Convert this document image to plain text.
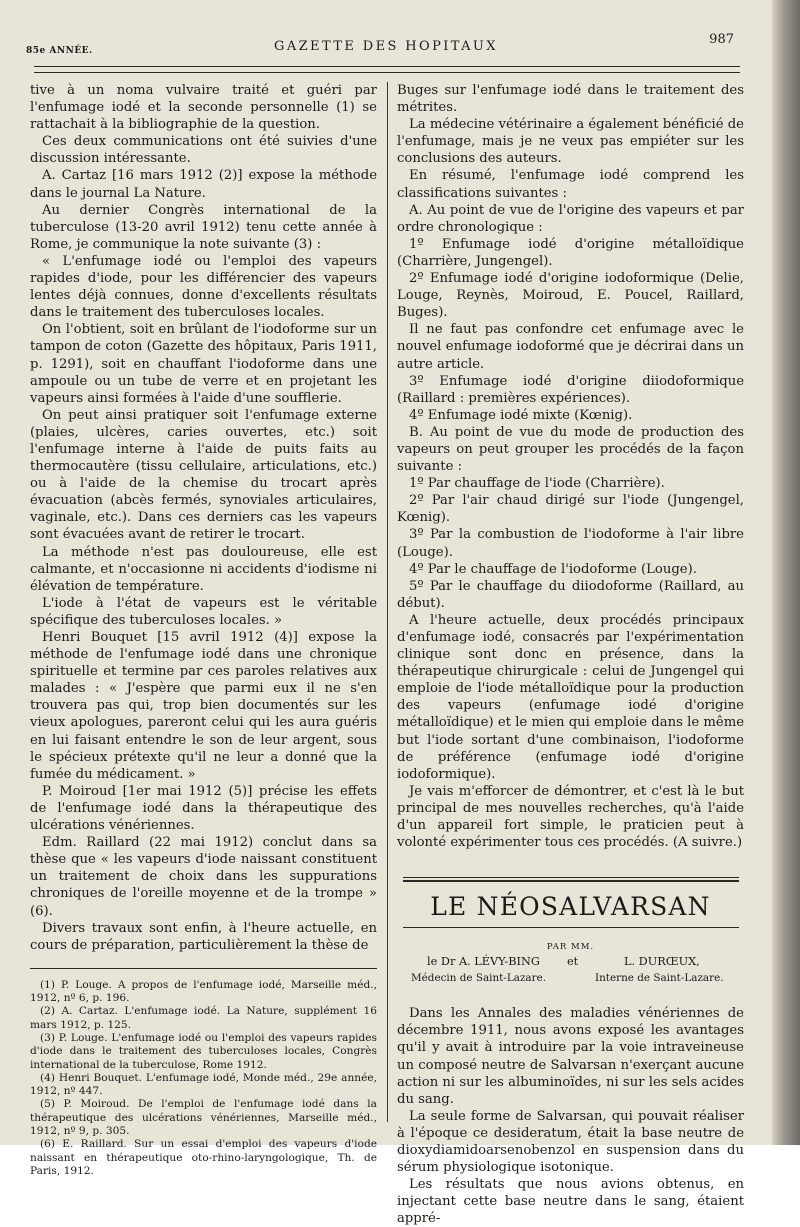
85e ANNÉE.	GAZETTE DES HOPITAUX	987

tive à un noma vulvaire traité et guéri par l'enfumage iodé et la seconde personnelle (1) se rattachait à la bibliographie de la question.

Ces deux communications ont été suivies d'une discussion intéressante.

A. Cartaz [16 mars 1912 (2)] expose la méthode dans le journal La Nature.

Au dernier Congrès international de la tuberculose (13-20 avril 1912) tenu cette année à Rome, je communique la note suivante (3) :

« L'enfumage iodé ou l'emploi des vapeurs rapides d'iode, pour les différencier des vapeurs lentes déjà connues, donne d'excellents résultats dans le traitement des tuberculoses locales.

On l'obtient, soit en brûlant de l'iodoforme sur un tampon de coton (Gazette des hôpitaux, Paris 1911, p. 1291), soit en chauffant l'iodoforme dans une ampoule ou un tube de verre et en projetant les vapeurs ainsi formées à l'aide d'une soufflerie.

On peut ainsi pratiquer soit l'enfumage externe (plaies, ulcères, caries ouvertes, etc.) soit l'enfumage interne à l'aide de puits faits au thermocautère (tissu cellulaire, articulations, etc.) ou à l'aide de la chemise du trocart après évacuation (abcès fermés, synoviales articulaires, vaginale, etc.). Dans ces derniers cas les vapeurs sont évacuées avant de retirer le trocart.

La méthode n'est pas douloureuse, elle est calmante, et n'occasionne ni accidents d'iodisme ni élévation de température.

L'iode à l'état de vapeurs est le véritable spécifique des tuberculoses locales. »

Henri Bouquet [15 avril 1912 (4)] expose la méthode de l'enfumage iodé dans une chronique spirituelle et termine par ces paroles relatives aux malades : « J'espère que parmi eux il ne s'en trouvera pas qui, trop bien documentés sur les vieux apologues, pareront celui qui les aura guéris en lui faisant entendre le son de leur argent, sous le spécieux prétexte qu'il ne leur a donné que la fumée du médicament. »

P. Moiroud [1er mai 1912 (5)] précise les effets de l'enfumage iodé dans la thérapeutique des ulcérations vénériennes.

Edm. Raillard (22 mai 1912) conclut dans sa thèse que « les vapeurs d'iode naissant constituent un traitement de choix dans les suppurations chroniques de l'oreille moyenne et de la trompe » (6).

Divers travaux sont enfin, à l'heure actuelle, en cours de préparation, particulièrement la thèse de

(1) P. Louge. A propos de l'enfumage iodé, Marseille méd., 1912, nº 6, p. 196.

(2) A. Cartaz. L'enfumage iodé. La Nature, supplément 16 mars 1912, p. 125.

(3) P. Louge. L'enfumage iodé ou l'emploi des vapeurs rapides d'iode dans le traitement des tuberculoses locales, Congrès international de la tuberculose, Rome 1912.

(4) Henri Bouquet. L'enfumage iodé, Monde méd., 29e année, 1912, nº 447.

(5) P. Moiroud. De l'emploi de l'enfumage iodé dans la thérapeutique des ulcérations vénériennes, Marseille méd., 1912, nº 9, p. 305.

(6) E. Raillard. Sur un essai d'emploi des vapeurs d'iode naissant en thérapeutique oto-rhino-laryngologique, Th. de Paris, 1912.

Buges sur l'enfumage iodé dans le traitement des métrites.

La médecine vétérinaire a également bénéficié de l'enfumage, mais je ne veux pas empiéter sur les conclusions des auteurs.

En résumé, l'enfumage iodé comprend les classifications suivantes :

A. Au point de vue de l'origine des vapeurs et par ordre chronologique :

1º Enfumage iodé d'origine métalloïdique (Charrière, Jungengel).

2º Enfumage iodé d'origine iodoformique (Delie, Louge, Reynès, Moiroud, E. Poucel, Raillard, Buges).

Il ne faut pas confondre cet enfumage avec le nouvel enfumage iodoformé que je décrirai dans un autre article.

3º Enfumage iodé d'origine diiodoformique (Raillard : premières expériences).

4º Enfumage iodé mixte (Kœnig).

B. Au point de vue du mode de production des vapeurs on peut grouper les procédés de la façon suivante :

1º Par chauffage de l'iode (Charrière).

2º Par l'air chaud dirigé sur l'iode (Jungengel, Kœnig).

3º Par la combustion de l'iodoforme à l'air libre (Louge).

4º Par le chauffage de l'iodoforme (Louge).

5º Par le chauffage du diiodoforme (Raillard, au début).

A l'heure actuelle, deux procédés principaux d'enfumage iodé, consacrés par l'expérimentation clinique sont donc en présence, dans la thérapeutique chirurgicale : celui de Jungengel qui emploie de l'iode métalloïdique pour la production des vapeurs (enfumage iodé d'origine métalloïdique) et le mien qui emploie dans le même but l'iode sortant d'une combinaison, l'iodoforme de préférence (enfumage iodé d'origine iodoformique).

Je vais m'efforcer de démontrer, et c'est là le but principal de mes nouvelles recherches, qu'à l'aide d'un appareil fort simple, le praticien peut à volonté expérimenter tous ces procédés. (A suivre.)

LE NÉOSALVARSAN
PAR MM.
le Dr A. LÉVY-BING et	L. DURŒUX,
Médecin de Saint-Lazare.	Interne de Saint-Lazare.

Dans les Annales des maladies vénériennes de décembre 1911, nous avons exposé les avantages qu'il y avait à introduire par la voie intraveineuse un composé neutre de Salvarsan n'exerçant aucune action ni sur les albuminoïdes, ni sur les sels acides du sang.

La seule forme de Salvarsan, qui pouvait réaliser à l'époque ce desideratum, était la base neutre de dioxydiamidoarsenobenzol en suspension dans du sérum physiologique isotonique.

Les résultats que nous avions obtenus, en injectant cette base neutre dans le sang, étaient appré-
